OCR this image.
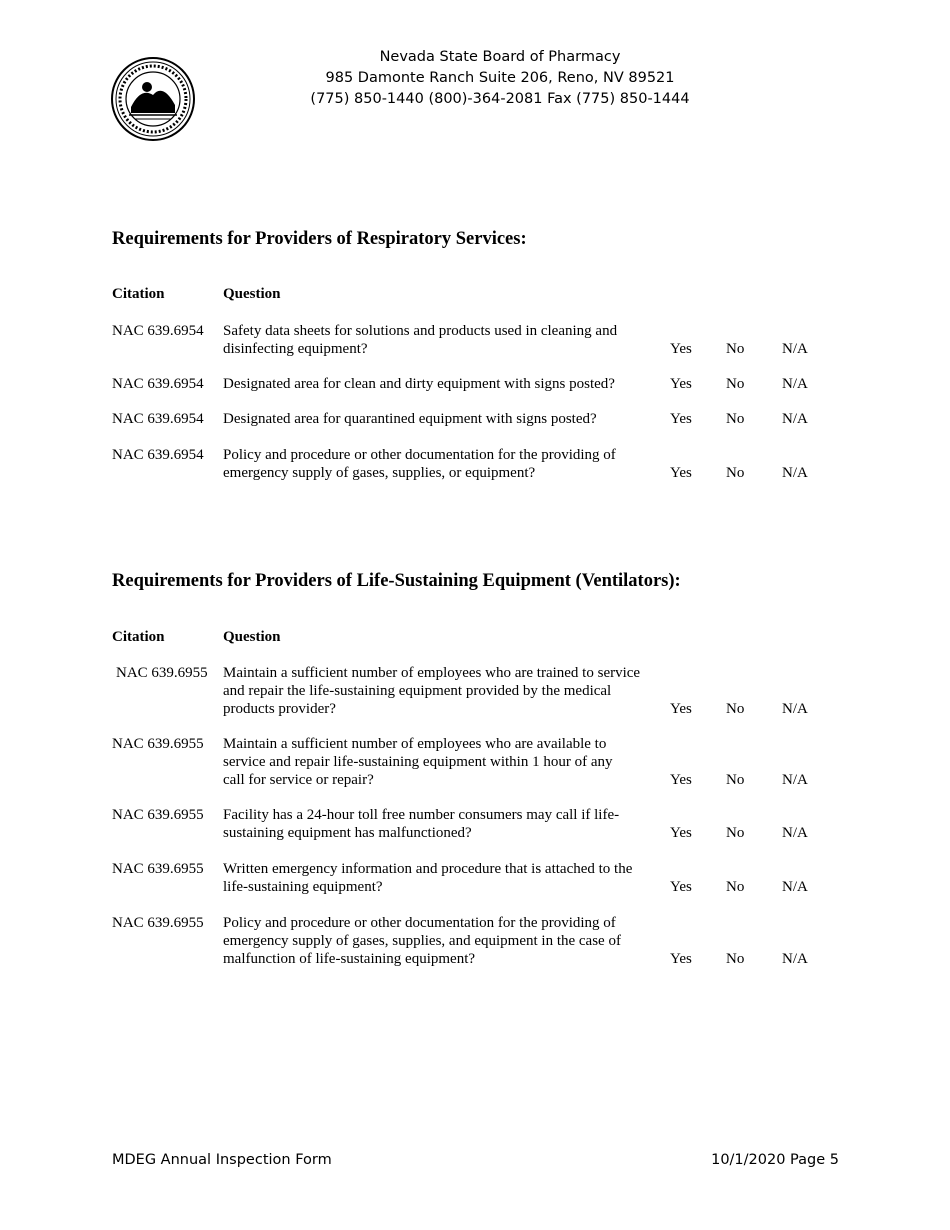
Nevada State Board of Pharmacy
985 Damonte Ranch Suite 206, Reno, NV 89521
(775) 850-1440 (800)-364-2081 Fax (775) 850-1444
Requirements for Providers of Respiratory Services:
Citation	Question
NAC 639.6954 Safety data sheets for solutions and products used in cleaning and disinfecting equipment?	Yes No	N/A
NAC 639.6954 Designated area for clean and dirty equipment with signs posted?	Yes No	N/A
NAC 639.6954 Designated area for quarantined equipment with signs posted?	Yes No	N/A
NAC 639.6954 Policy and procedure or other documentation for the providing of emergency supply of gases, supplies, or equipment?	Yes No	N/A
Requirements for Providers of Life-Sustaining Equipment (Ventilators):
Citation	Question
NAC 639.6955 Maintain a sufficient number of employees who are trained to service and repair the life-sustaining equipment provided by the medical products provider?	Yes No	N/A
NAC 639.6955 Maintain a sufficient number of employees who are available to service and repair life-sustaining equipment within 1 hour of any call for service or repair?	Yes No	N/A
NAC 639.6955 Facility has a 24-hour toll free number consumers may call if life-sustaining equipment has malfunctioned?	Yes No	N/A
NAC 639.6955 Written emergency information and procedure that is attached to the life-sustaining equipment?	Yes No	N/A
NAC 639.6955 Policy and procedure or other documentation for the providing of emergency supply of gases, supplies, and equipment in the case of malfunction of life-sustaining equipment?	Yes No	N/A
MDEG Annual Inspection Form	10/1/2020 Page 5
